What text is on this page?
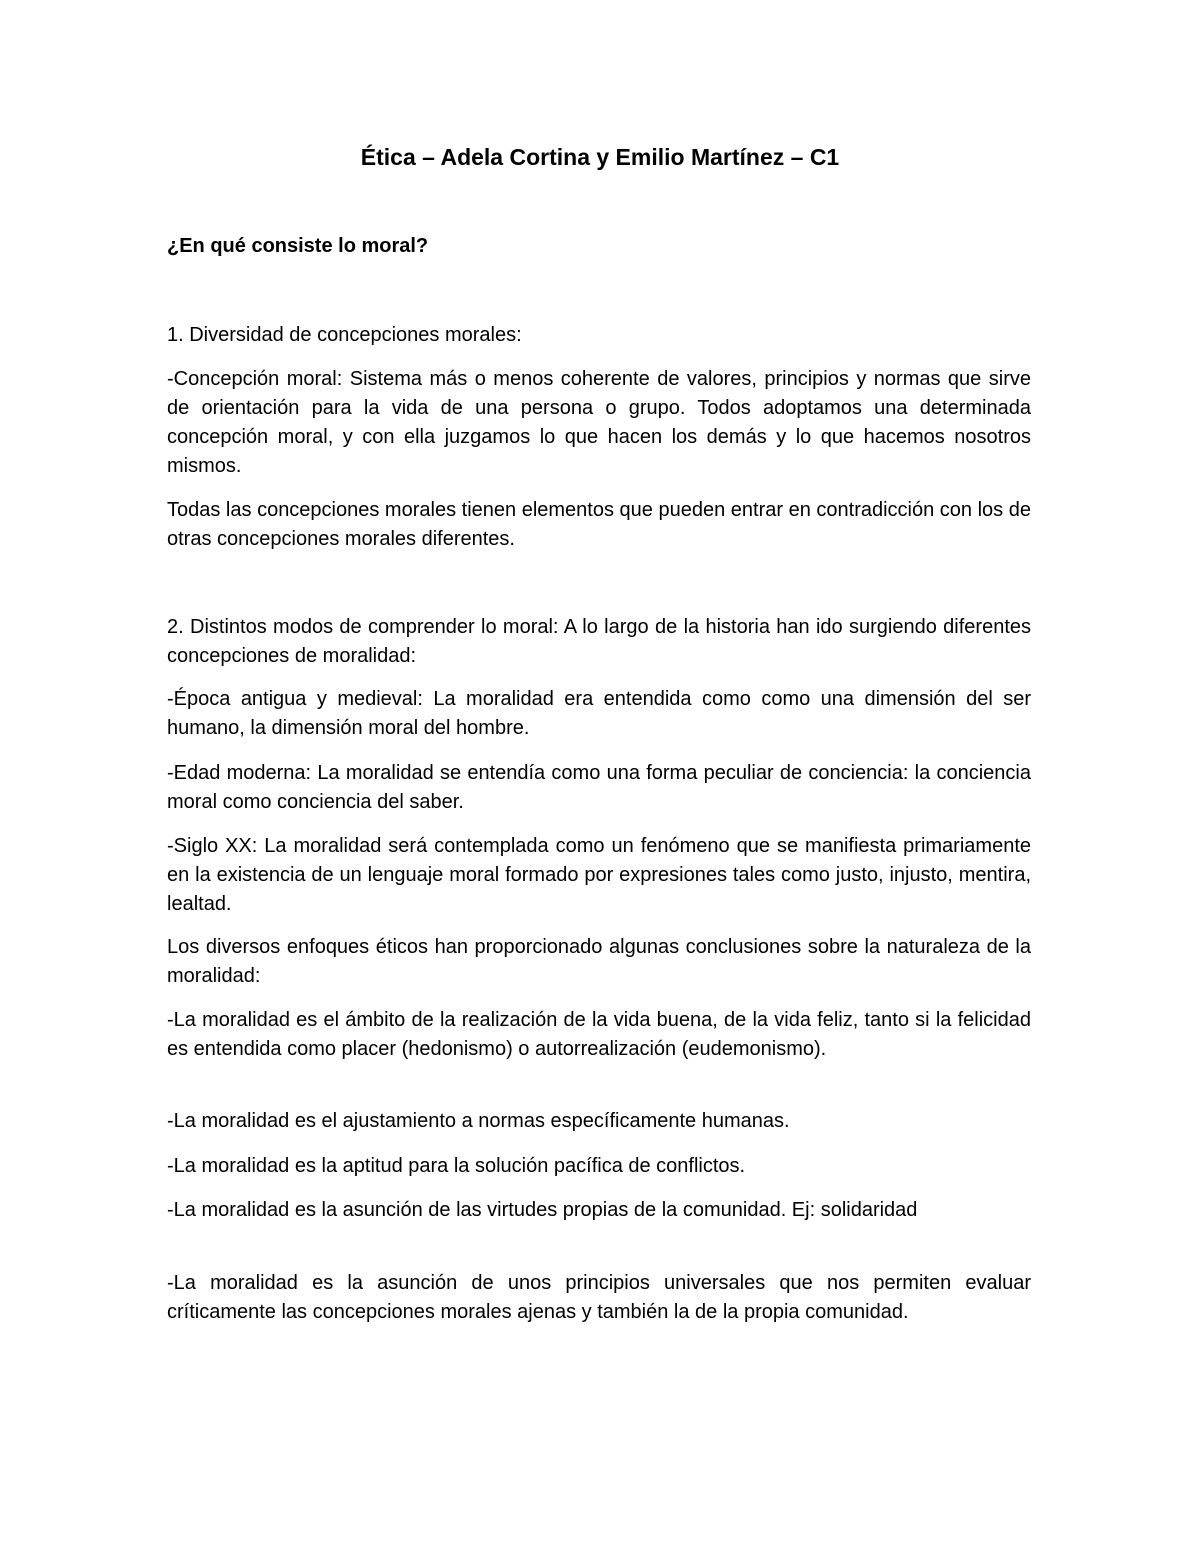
Ética – Adela Cortina y Emilio Martínez – C1
¿En qué consiste lo moral?

1. Diversidad de concepciones morales:

-Concepción moral: Sistema más o menos coherente de valores, principios y normas que sirve de orientación para la vida de una persona o grupo. Todos adoptamos una determinada concepción moral, y con ella juzgamos lo que hacen los demás y lo que hacemos nosotros mismos.

Todas las concepciones morales tienen elementos que pueden entrar en contradicción con los de otras concepciones morales diferentes.

2. Distintos modos de comprender lo moral: A lo largo de la historia han ido surgiendo diferentes concepciones de moralidad:

-Época antigua y medieval: La moralidad era entendida como como una dimensión del ser humano, la dimensión moral del hombre.

-Edad moderna: La moralidad se entendía como una forma peculiar de conciencia: la conciencia moral como conciencia del saber.

-Siglo XX: La moralidad será contemplada como un fenómeno que se manifiesta primariamente en la existencia de un lenguaje moral formado por expresiones tales como justo, injusto, mentira, lealtad.

Los diversos enfoques éticos han proporcionado algunas conclusiones sobre la naturaleza de la moralidad:

-La moralidad es el ámbito de la realización de la vida buena, de la vida feliz, tanto si la felicidad es entendida como placer (hedonismo) o autorrealización (eudemonismo).

-La moralidad es el ajustamiento a normas específicamente humanas.

-La moralidad es la aptitud para la solución pacífica de conflictos.

-La moralidad es la asunción de las virtudes propias de la comunidad. Ej: solidaridad

-La moralidad es la asunción de unos principios universales que nos permiten evaluar críticamente las concepciones morales ajenas y también la de la propia comunidad.
